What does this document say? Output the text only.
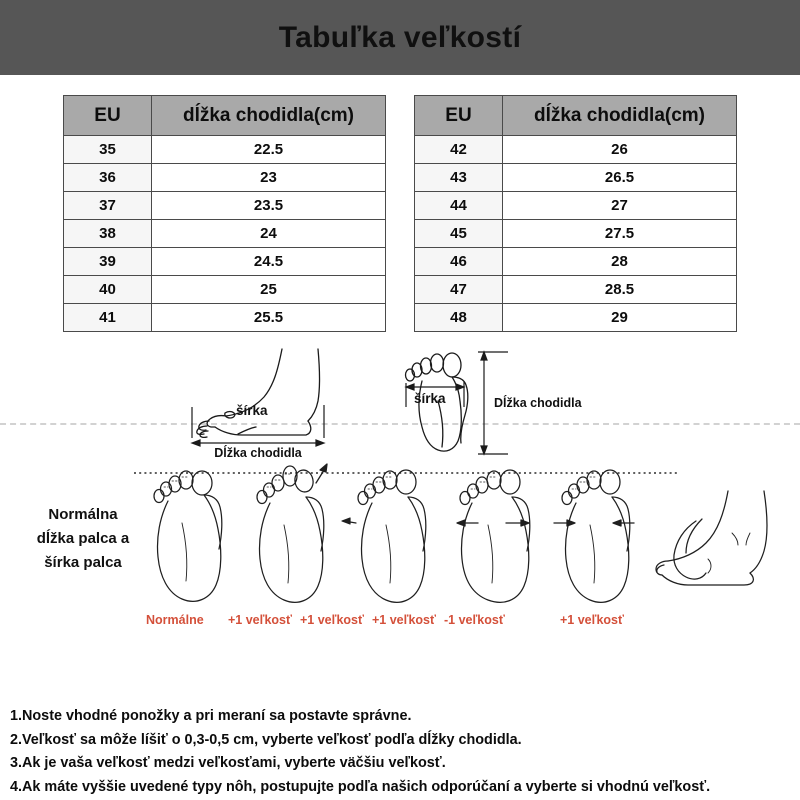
Tabuľka veľkostí
EU	dĺžka chodidla(cm)
35	22.5
36	23
37	23.5
38	24
39	24.5
40	25
41	25.5
EU	dĺžka chodidla(cm)
42	26
43	26.5
44	27
45	27.5
46	28
47	28.5
48	29
šírka
Dĺžka chodidla
šírka	Dĺžka chodidla
Normálna
dĺžka palca a
šírka palca
Normálne +1 veľkosť +1 veľkosť +1 veľkosť -1 veľkosť	+1 veľkosť
1.Noste vhodné ponožky a pri meraní sa postavte správne.
2.Veľkosť sa môže líšiť o 0,3-0,5 cm, vyberte veľkosť podľa dĺžky chodidla.
3.Ak je vaša veľkosť medzi veľkosťami, vyberte väčšiu veľkosť.
4.Ak máte vyššie uvedené typy nôh, postupujte podľa našich odporúčaní a vyberte si vhodnú veľkosť.
